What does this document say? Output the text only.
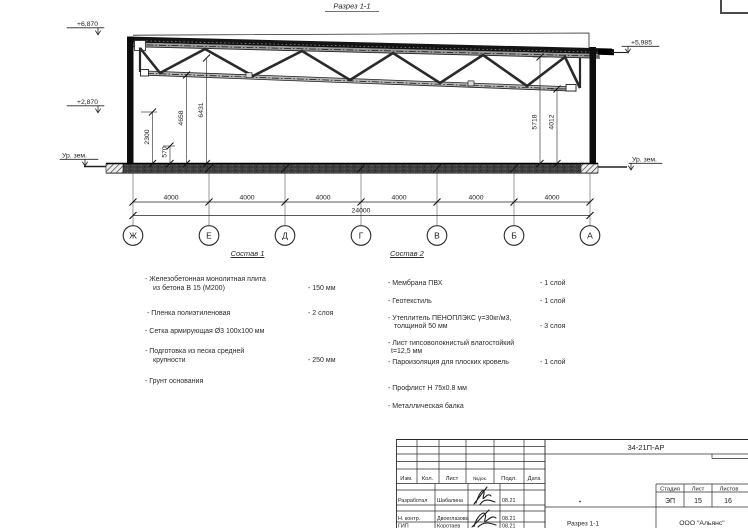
Разрез 1-1
4000	4000	4000	4000	4000	4000
24000
Ж	Е	Д	Г	В	Б	А
2300
570
4658
6431
5718 4012
+6,870
+2,870
Ур. зем.
+5,985
Ур. зем.
Состав 1
- Железобетонная монолитная плита
из бетона В 15 (М200)	- 150 мм
- Пленка полиэтиленовая	- 2 слоя
- Сетка армирующая Ø3 100х100 мм
- Подготовка из песка средней
крупности	- 250 мм
- Грунт основания
Состав 2
- Мембрана ПВХ	- 1 слой
- Геотекстиль	- 1 слой
- Утеплитель ПЕНОПЛЭКС γ=30кг/м3,
толщиной 50 мм	- 3 слоя
- Лист гипсоволокнистый влагостойкий
t=12,5 мм
- Пароизоляция для плоских кровель	- 1 слой
- Профлист Н 75х0.8 мм
- Металлическая балка
34-21П-АР
Изм. Кол. Лист	№док. Подл. Дата
Разработал Шабалина	08.21
Н. контр.	Двоеглазова	08.21
ГИП	Коротаев	08.21
Стадия Лист	Листов
ЭП	15	16
Разрез 1-1	ООО "Альянс"
